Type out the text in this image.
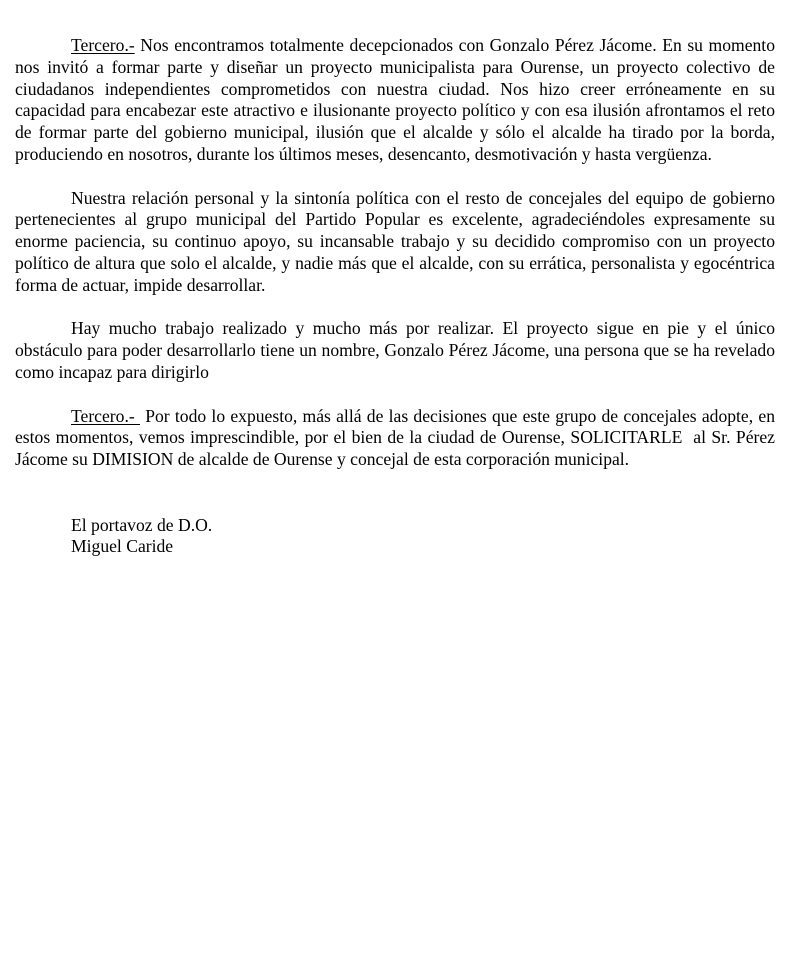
Tercero.- Nos encontramos totalmente decepcionados con Gonzalo Pérez Jácome. En su momento nos invitó a formar parte y diseñar un proyecto municipalista para Ourense, un proyecto colectivo de ciudadanos independientes comprometidos con nuestra ciudad. Nos hizo creer erróneamente en su capacidad para encabezar este atractivo e ilusionante proyecto político y con esa ilusión afrontamos el reto de formar parte del gobierno municipal, ilusión que el alcalde y sólo el alcalde ha tirado por la borda, produciendo en nosotros, durante los últimos meses, desencanto, desmotivación y hasta vergüenza.

Nuestra relación personal y la sintonía política con el resto de concejales del equipo de gobierno pertenecientes al grupo municipal del Partido Popular es excelente, agradeciéndoles expresamente su enorme paciencia, su continuo apoyo, su incansable trabajo y su decidido compromiso con un proyecto político de altura que solo el alcalde, y nadie más que el alcalde, con su errática, personalista y egocéntrica forma de actuar, impide desarrollar.

Hay mucho trabajo realizado y mucho más por realizar. El proyecto sigue en pie y el único obstáculo para poder desarrollarlo tiene un nombre, Gonzalo Pérez Jácome, una persona que se ha revelado como incapaz para dirigirlo

Tercero.-  Por todo lo expuesto, más allá de las decisiones que este grupo de concejales adopte, en estos momentos, vemos imprescindible, por el bien de la ciudad de Ourense, SOLICITARLE  al Sr. Pérez Jácome su DIMISION de alcalde de Ourense y concejal de esta corporación municipal.

El portavoz de D.O.
Miguel Caride
